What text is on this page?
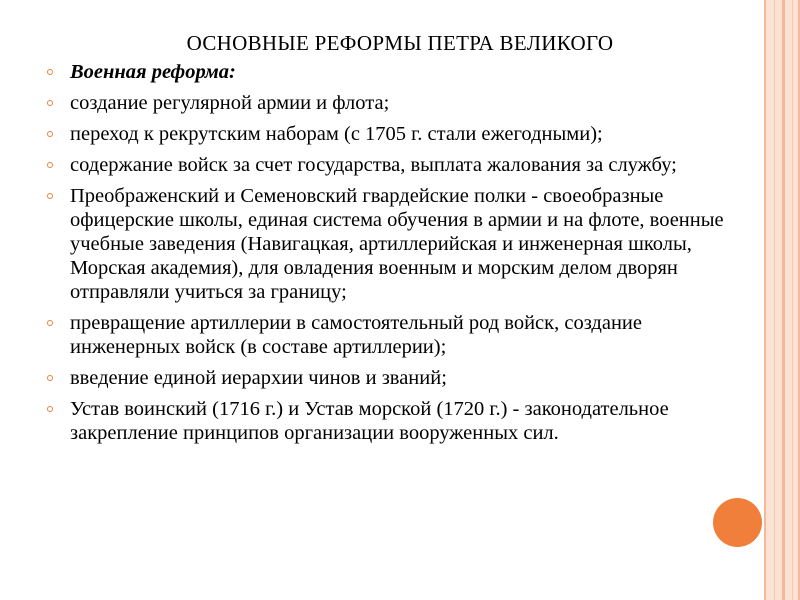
ОСНОВНЫЕ РЕФОРМЫ ПЕТРА ВЕЛИКОГО
Военная реформа:
создание регулярной армии и флота;
переход к рекрутским наборам (с 1705 г. стали ежегодными);
содержание войск за счет государства, выплата жалования за службу;
Преображенский и Семеновский гвардейские полки - своеобразные офицерские школы, единая система обучения в армии и на флоте, военные учебные заведения (Навигацкая, артиллерийская и инженерная школы, Морская академия), для овладения военным и морским делом дворян отправляли учиться за границу;
превращение артиллерии в самостоятельный род войск, создание инженерных войск (в составе артиллерии);
введение единой иерархии чинов и званий;
Устав воинский (1716 г.) и Устав морской (1720 г.) - законодательное закрепление принципов организации вооруженных сил.
